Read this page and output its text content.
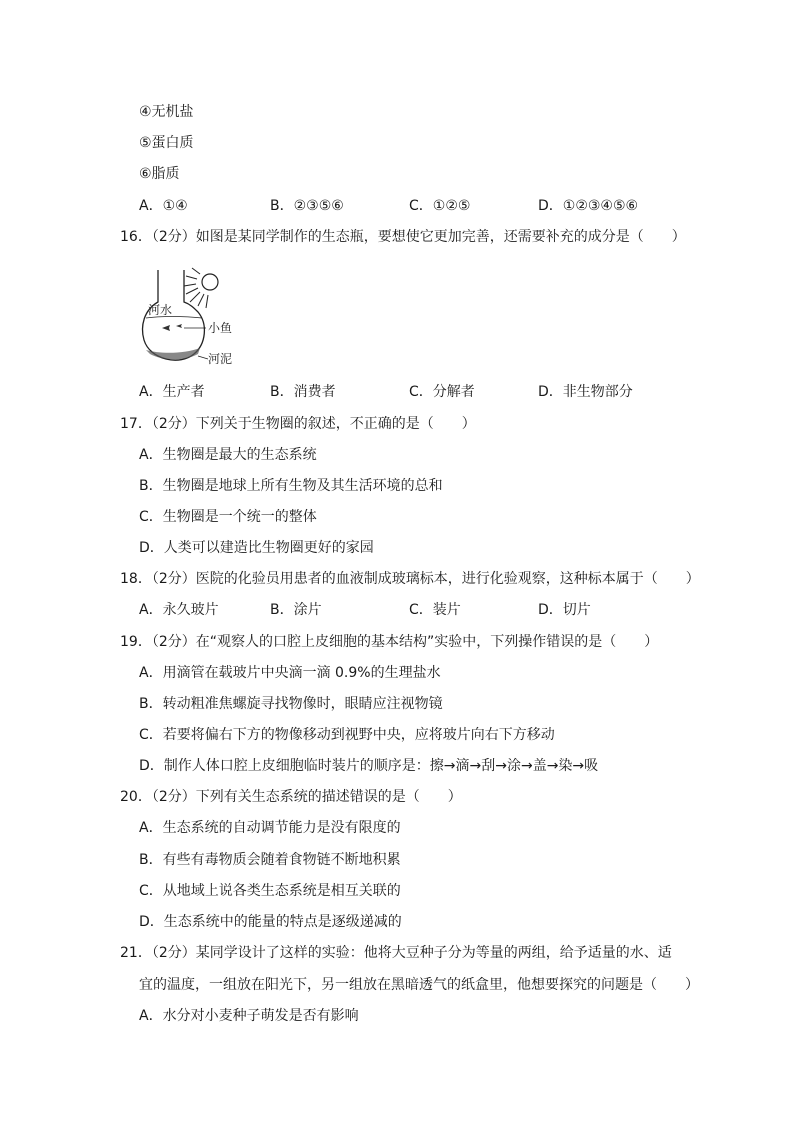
④无机盐
⑤蛋白质
⑥脂质
A．①④	B．②③⑤⑥	C．①②⑤	D．①②③④⑤⑥
16．（2分）如图是某同学制作的生态瓶，要想使它更加完善，还需要补充的成分是（　　）
河水
小鱼
河泥
A．生产者	B．消费者	C．分解者	D．非生物部分
17．（2分）下列关于生物圈的叙述，不正确的是（　　）
A．生物圈是最大的生态系统
B．生物圈是地球上所有生物及其生活环境的总和
C．生物圈是一个统一的整体
D．人类可以建造比生物圈更好的家园
18．（2分）医院的化验员用患者的血液制成玻璃标本，进行化验观察，这种标本属于（　　）
A．永久玻片	B．涂片	C．装片	D．切片
19．（2分）在“观察人的口腔上皮细胞的基本结构”实验中，下列操作错误的是（　　）
A．用滴管在载玻片中央滴一滴 0.9%的生理盐水
B．转动粗准焦螺旋寻找物像时，眼睛应注视物镜
C．若要将偏右下方的物像移动到视野中央，应将玻片向右下方移动
D．制作人体口腔上皮细胞临时装片的顺序是：擦→滴→刮→涂→盖→染→吸
20．（2分）下列有关生态系统的描述错误的是（　　）
A．生态系统的自动调节能力是没有限度的
B．有些有毒物质会随着食物链不断地积累
C．从地域上说各类生态系统是相互关联的
D．生态系统中的能量的特点是逐级递减的
21．（2分）某同学设计了这样的实验：他将大豆种子分为等量的两组，给予适量的水、适
宜的温度，一组放在阳光下，另一组放在黑暗透气的纸盒里，他想要探究的问题是（　　）
A．水分对小麦种子萌发是否有影响
